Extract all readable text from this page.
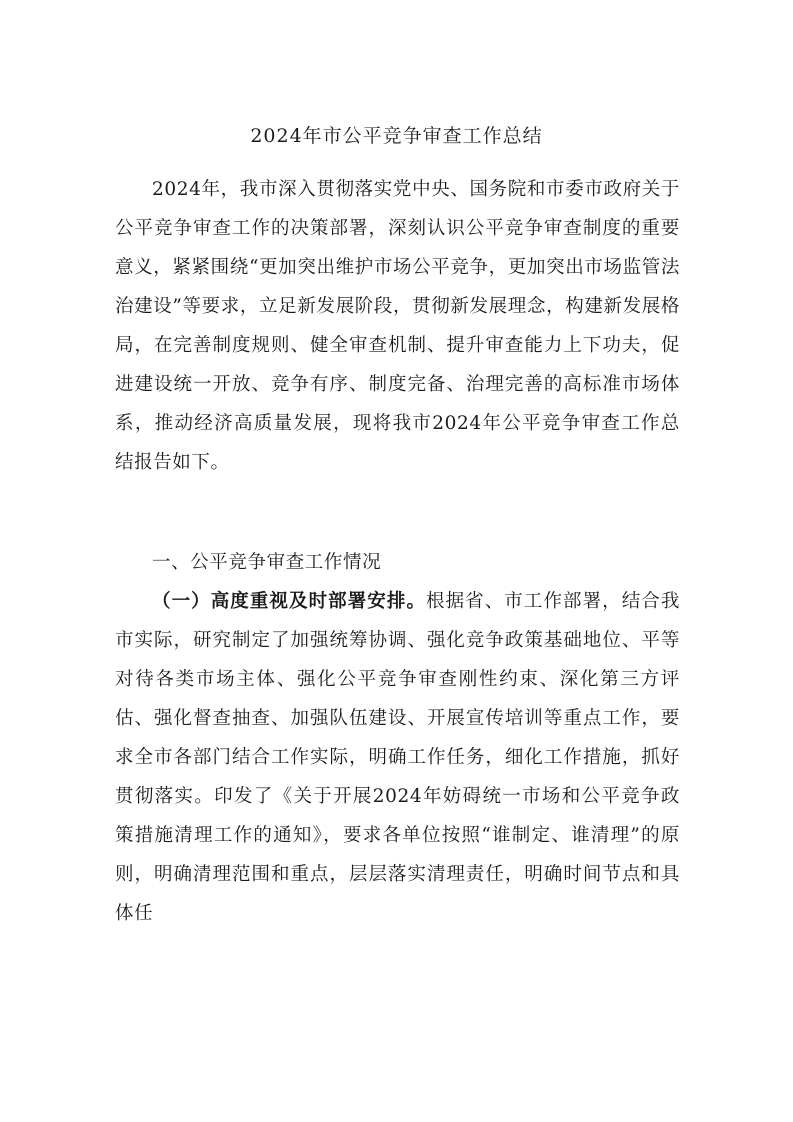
2024年市公平竞争审查工作总结
2024年，我市深入贯彻落实党中央、国务院和市委市政府关于公平竞争审查工作的决策部署，深刻认识公平竞争审查制度的重要意义，紧紧围绕“更加突出维护市场公平竞争，更加突出市场监管法治建设”等要求，立足新发展阶段，贯彻新发展理念，构建新发展格局，在完善制度规则、健全审查机制、提升审查能力上下功夫，促进建设统一开放、竞争有序、制度完备、治理完善的高标准市场体系，推动经济高质量发展，现将我市2024年公平竞争审查工作总结报告如下。
一、公平竞争审查工作情况
（一）高度重视及时部署安排。根据省、市工作部署，结合我市实际，研究制定了加强统筹协调、强化竞争政策基础地位、平等对待各类市场主体、强化公平竞争审查刚性约束、深化第三方评估、强化督查抽查、加强队伍建设、开展宣传培训等重点工作，要求全市各部门结合工作实际，明确工作任务，细化工作措施，抓好贯彻落实。印发了《关于开展2024年妨碍统一市场和公平竞争政策措施清理工作的通知》，要求各单位按照“谁制定、谁清理”的原则，明确清理范围和重点，层层落实清理责任，明确时间节点和具体任
